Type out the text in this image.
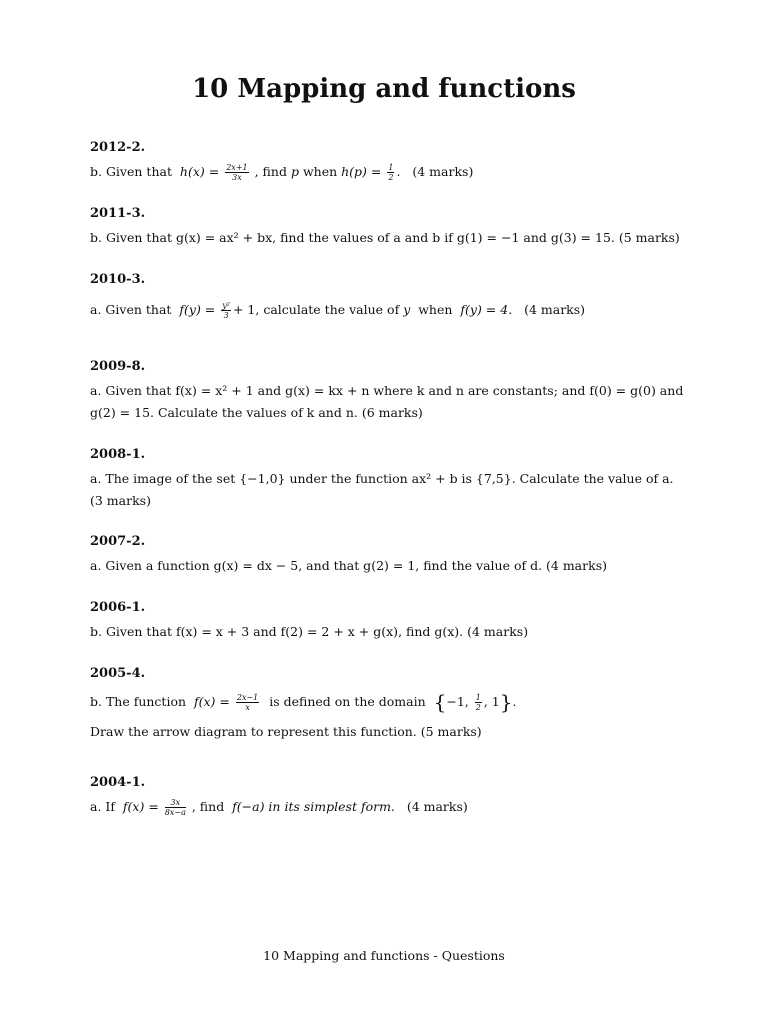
10 Mapping and functions
2012-2.
b. Given that $h(x) = \frac{2x+1}{3x}$ , find p when $h(p) = \frac{1}{2}$ . (4 marks)
2011-3.
b. Given that g(x) = ax² + bx, find the values of a and b if g(1) = −1 and g(3) = 15. (5 marks)
2010-3.
a. Given that $f(y) = \frac{\text{y²}}{3} + 1$, calculate the value of y when f(y) = 4. (4 marks)
2009-8.
a. Given that f(x) = x² + 1 and g(x) = kx + n where k and n are constants; and f(0) = g(0) and
g(2) = 15. Calculate the values of k and n. (6 marks)
2008-1.
a. The image of the set {−1,0} under the function ax² + b is {7,5}. Calculate the value of a.
(3 marks)
2007-2.
a. Given a function g(x) = dx − 5, and that g(2) = 1, find the value of d. (4 marks)
2006-1.
b. Given that f(x) = x + 3 and f(2) = 2 + x + g(x), find g(x). (4 marks)
2005-4.
b. The function $f(x) = \frac{2x-1}{x}$ is defined on the domain {−1, $\frac{1}{2}$ , 1}.
Draw the arrow diagram to represent this function. (5 marks)
2004-1.
a. If $f(x) = \frac{3x}{8x-a}$ , find f(−a) in its simplest form. (4 marks)
10 Mapping and functions - Questions
